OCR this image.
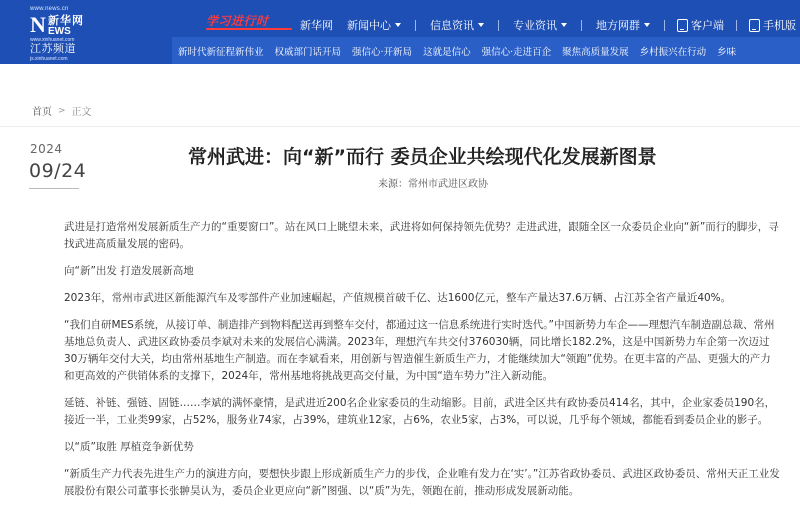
www.news.cn
N 新华网
EWS
www.xinhuanet.com
江苏频道
js.xinhuanet.com
学习进行时	新华网 新闻中心	信息资讯	专业资讯	地方网群	客户端	手机版
新时代新征程新伟业 权威部门话开局 强信心·开新局 这就是信心 强信心·走进百企 聚焦高质量发展 乡村振兴在行动 乡味
首页 > 正文
2024
09/24
常州武进：向“新”而行 委员企业共绘现代化发展新图景
来源：常州市武进区政协

武进是打造常州发展新质生产力的“重要窗口”。站在风口上眺望未来，武进将如何保持领先优势？走进武进，跟随全区一众委员企业向“新”而行的脚步，寻找武进高质量发展的密码。

向“新”出发 打造发展新高地

2023年，常州市武进区新能源汽车及零部件产业加速崛起，产值规模首破千亿、达1600亿元，整车产量达37.6万辆、占江苏全省产量近40%。

“我们自研MES系统，从接订单、制造排产到物料配送再到整车交付，都通过这一信息系统进行实时迭代。”中国新势力车企——理想汽车制造副总裁、常州基地总负责人、武进区政协委员李斌对未来的发展信心满满。2023年，理想汽车共交付376030辆，同比增长182.2%，这是中国新势力车企第一次迈过30万辆年交付大关，均由常州基地生产制造。而在李斌看来，用创新与智造催生新质生产力，才能继续加大“领跑”优势。在更丰富的产品、更强大的产力和更高效的产供销体系的支撑下，2024年，常州基地将挑战更高交付量，为中国“造车势力”注入新动能。

延链、补链、强链、固链……李斌的满怀豪情，是武进近200名企业家委员的生动缩影。目前，武进全区共有政协委员414名，其中，企业家委员190名，接近一半，工业类99家，占52%，服务业74家，占39%，建筑业12家，占6%，农业5家，占3%，可以说，几乎每个领域，都能看到委员企业的影子。

以“质”取胜 厚植竞争新优势

“新质生产力代表先进生产力的演进方向，要想快步跟上形成新质生产力的步伐，企业唯有发力在‘实’。”江苏省政协委员、武进区政协委员、常州天正工业发展股份有限公司董事长张翀昊认为，委员企业更应向“新”图强、以“质”为先，领跑在前，推动形成发展新动能。
